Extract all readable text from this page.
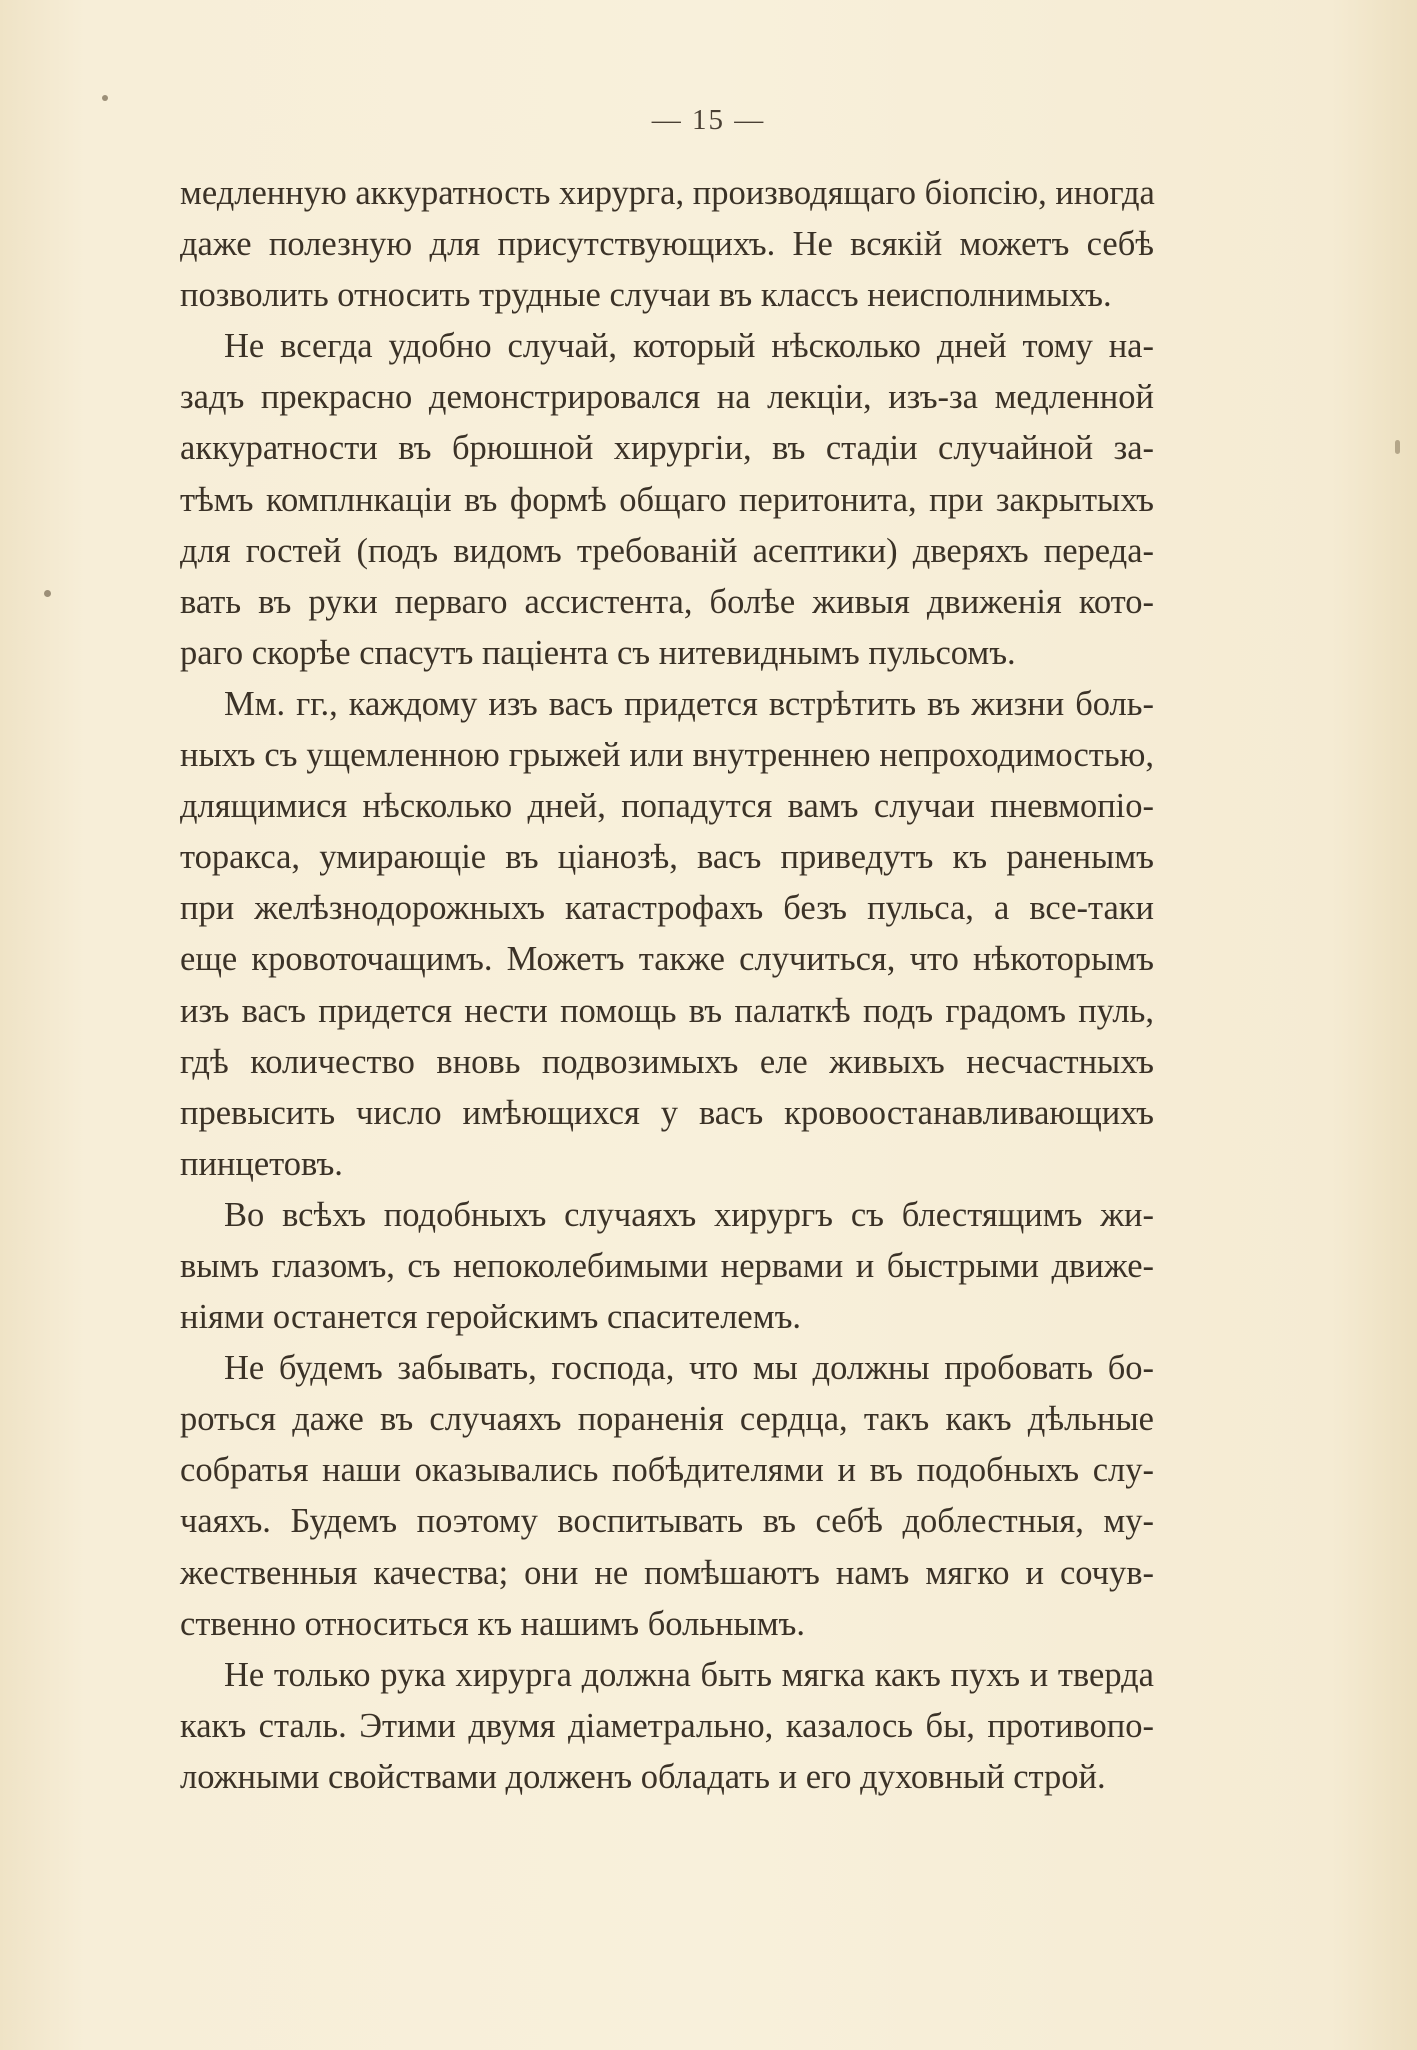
— 15 —

медленную аккуратность хирурга, производящаго біопсію, иногда
даже полезную для присутствующихъ. Не всякій можетъ себѣ
позволить относить трудные случаи въ классъ неисполнимыхъ.

Не всегда удобно случай, который нѣсколько дней тому на-
задъ прекрасно демонстрировался на лекціи, изъ-за медленной
аккуратности въ брюшной хирургіи, въ стадіи случайной за-
тѣмъ комплнкаціи въ формѣ общаго перитонита, при закрытыхъ
для гостей (подъ видомъ требованій асептики) дверяхъ переда-
вать въ руки перваго ассистента, болѣе живыя движенія кото-
раго скорѣе спасутъ паціента съ нитевиднымъ пульсомъ.

Мм. гг., каждому изъ васъ придется встрѣтить въ жизни боль-
ныхъ съ ущемленною грыжей или внутреннею непроходимостью,
длящимися нѣсколько дней, попадутся вамъ случаи пневмопіо-
торакса, умирающіе въ ціанозѣ, васъ приведутъ къ раненымъ
при желѣзнодорожныхъ катастрофахъ безъ пульса, а все-таки
еще кровоточащимъ. Можетъ также случиться, что нѣкоторымъ
изъ васъ придется нести помощь въ палаткѣ подъ градомъ пуль,
гдѣ количество вновь подвозимыхъ еле живыхъ несчастныхъ
превысить число имѣющихся у васъ кровоостанавливающихъ
пинцетовъ.

Во всѣхъ подобныхъ случаяхъ хирургъ съ блестящимъ жи-
вымъ глазомъ, съ непоколебимыми нервами и быстрыми движе-
ніями останется геройскимъ спасителемъ.

Не будемъ забывать, господа, что мы должны пробовать бо-
роться даже въ случаяхъ пораненія сердца, такъ какъ дѣльные
собратья наши оказывались побѣдителями и въ подобныхъ слу-
чаяхъ. Будемъ поэтому воспитывать въ себѣ доблестныя, му-
жественныя качества; они не помѣшаютъ намъ мягко и сочув-
ственно относиться къ нашимъ больнымъ.

Не только рука хирурга должна быть мягка какъ пухъ и тверда
какъ сталь. Этими двумя діаметрально, казалось бы, противопо-
ложными свойствами долженъ обладать и его духовный строй.
